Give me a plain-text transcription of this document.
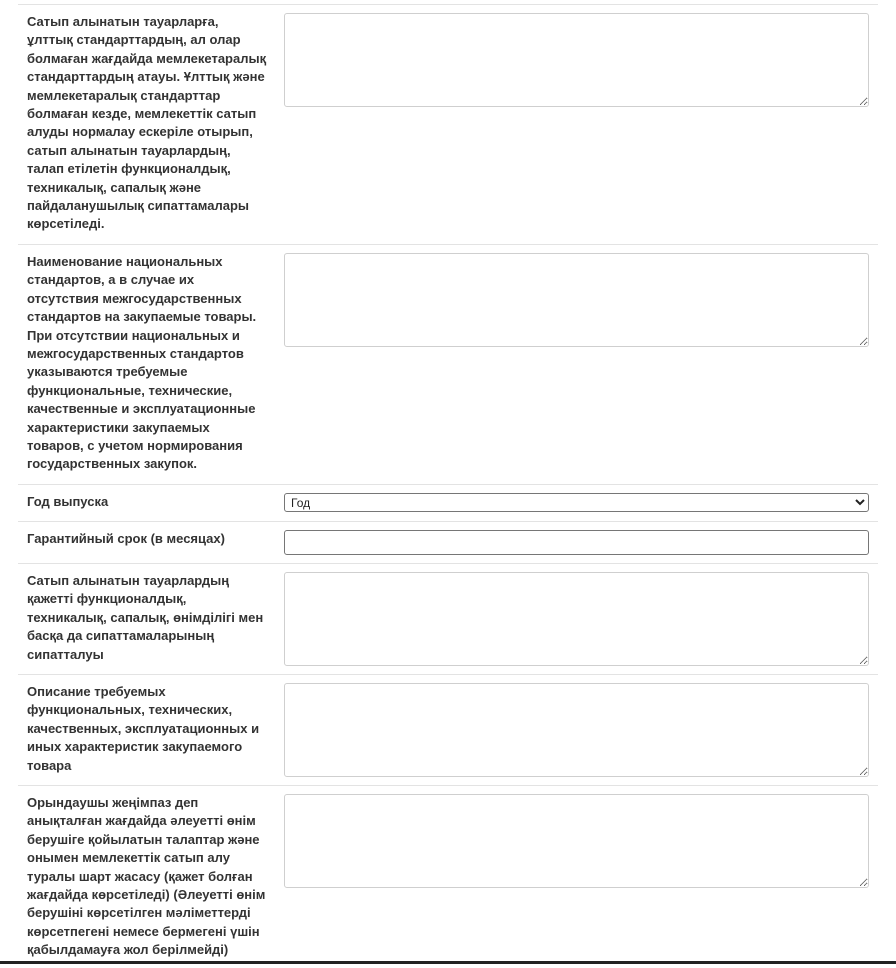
Сатып алынатын тауарларға, ұлттық стандарттардың, ал олар болмаған жағдайда мемлекетаралық стандарттардың атауы. Ұлттық және мемлекетаралық стандарттар болмаған кезде, мемлекеттік сатып алуды нормалау ескеріле отырып, сатып алынатын тауарлардың, талап етілетін функционалдық, техникалық, сапалық және пайдаланушылық сипаттамалары көрсетіледі.
Наименование национальных стандартов, а в случае их отсутствия межгосударственных стандартов на закупаемые товары. При отсутствии национальных и межгосударственных стандартов указываются требуемые функциональные, технические, качественные и эксплуатационные характеристики закупаемых товаров, с учетом нормирования государственных закупок.
Год выпуска
Год
Гарантийный срок (в месяцах)
Сатып алынатын тауарлардың қажетті функционалдық, техникалық, сапалық, өнімділігі мен басқа да сипаттамаларының сипатталуы
Описание требуемых функциональных, технических, качественных, эксплуатационных и иных характеристик закупаемого товара
Орындаушы жеңімпаз деп анықталған жағдайда әлеуетті өнім берушіге қойылатын талаптар және онымен мемлекеттік сатып алу туралы шарт жасасу (қажет болған жағдайда көрсетіледі) (Әлеуетті өнім берушіні көрсетілген мәліметтерді көрсетпегені немесе бермегені үшін қабылдамауға жол берілмейді)
